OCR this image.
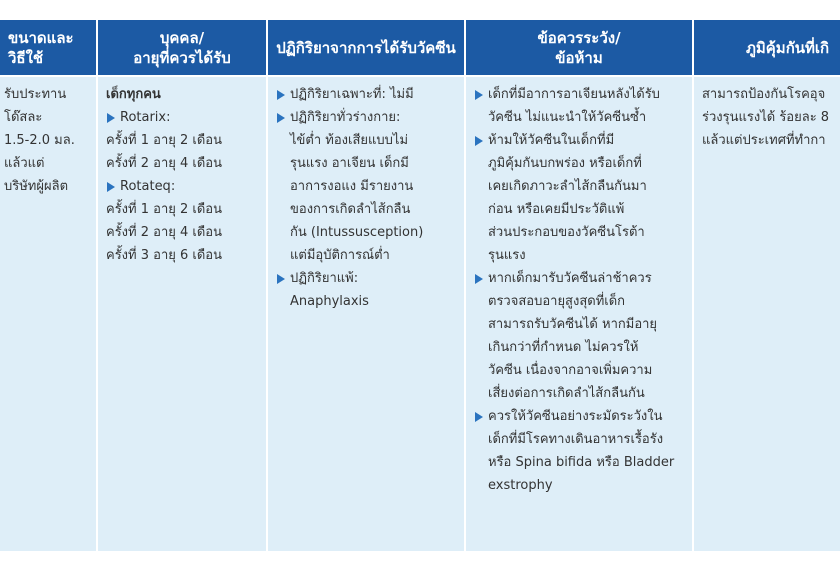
ขนาดและ
วิธีใช้
บุคคล/
อายุที่ควรได้รับ
ปฏิกิริยาจากการได้รับวัคซีน
ข้อควรระวัง/
ข้อห้าม
ภูมิคุ้มกันที่เกิ
รับประทาน
โด๊สละ
1.5-2.0 มล.
แล้วแต่
บริษัทผู้ผลิต
เด็กทุกคน
Rotarix:
ครั้งที่ 1 อายุ 2 เดือน
ครั้งที่ 2 อายุ 4 เดือน
Rotateq:
ครั้งที่ 1 อายุ 2 เดือน
ครั้งที่ 2 อายุ 4 เดือน
ครั้งที่ 3 อายุ 6 เดือน
ปฏิกิริยาเฉพาะที่: ไม่มี
ปฏิกิริยาทั่วร่างกาย:
ไข้ต่ำ ท้องเสียแบบไม่
รุนแรง อาเจียน เด็กมี
อาการงอแง มีรายงาน
ของการเกิดลำไส้กลืน
กัน (Intussusception)
แต่มีอุบัติการณ์ต่ำ
ปฏิกิริยาแพ้:
Anaphylaxis
เด็กที่มีอาการอาเจียนหลังได้รับ
วัคซีน ไม่แนะนำให้วัคซีนซ้ำ
ห้ามให้วัคซีนในเด็กที่มี
ภูมิคุ้มกันบกพร่อง หรือเด็กที่
เคยเกิดภาวะลำไส้กลืนกันมา
ก่อน หรือเคยมีประวัติแพ้
ส่วนประกอบของวัคซีนโรต้า
รุนแรง
หากเด็กมารับวัคซีนล่าช้าควร
ตรวจสอบอายุสูงสุดที่เด็ก
สามารถรับวัคซีนได้ หากมีอายุ
เกินกว่าที่กำหนด ไม่ควรให้
วัคซีน เนื่องจากอาจเพิ่มความ
เสี่ยงต่อการเกิดลำไส้กลืนกัน
ควรให้วัคซีนอย่างระมัดระวังใน
เด็กที่มีโรคทางเดินอาหารเรื้อรัง
หรือ Spina bifida หรือ Bladder
exstrophy
สามารถป้องกันโรคอุจ
ร่วงรุนแรงได้ ร้อยละ 8
แล้วแต่ประเทศที่ทำกา
